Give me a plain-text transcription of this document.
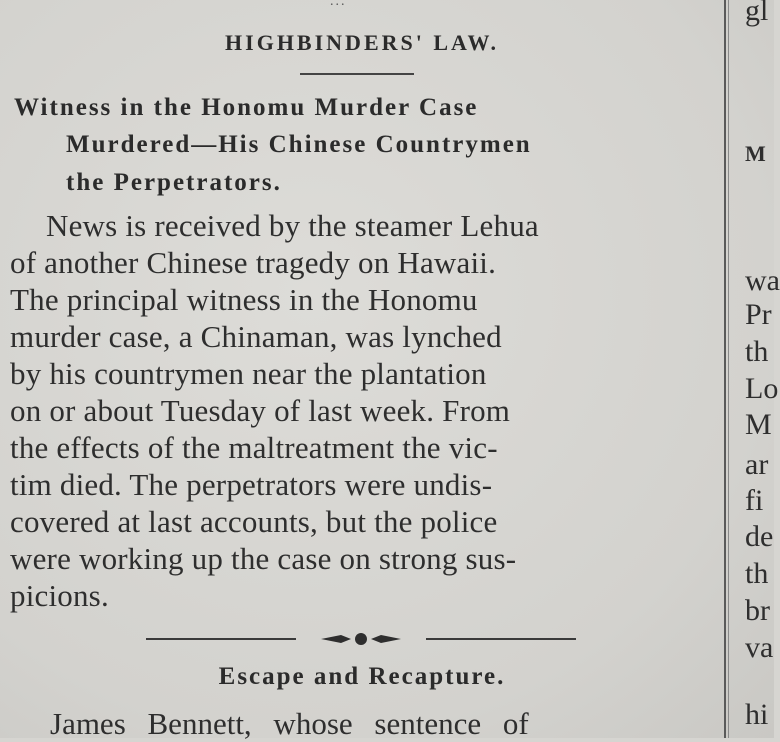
...
HIGHBINDERS' LAW.
Witness in the Honomu Murder Case
Murdered—His Chinese Countrymen
the Perpetrators.
News is received by the steamer Lehua
of another Chinese tragedy on Hawaii.
The principal witness in the Honomu
murder case, a Chinaman, was lynched
by his countrymen near the plantation
on or about Tuesday of last week. From
the effects of the maltreatment the vic-
tim died. The perpetrators were undis-
covered at last accounts, but the police
were working up the case on strong sus-
picions.
Escape and Recapture.
James Bennett, whose sentence of
gl
M
wa
Pr
th
Lo
M
ar
fi
de
th
br
va
hi
